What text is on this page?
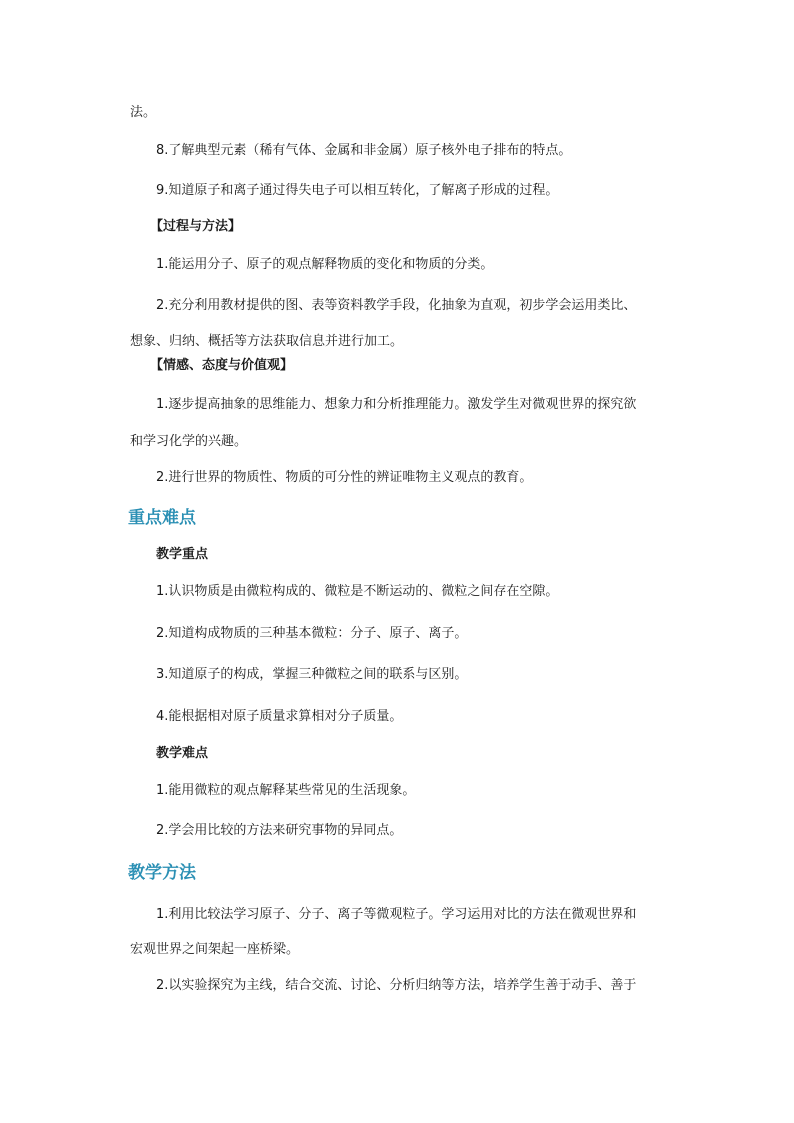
法。
8.了解典型元素（稀有气体、金属和非金属）原子核外电子排布的特点。
9.知道原子和离子通过得失电子可以相互转化，了解离子形成的过程。
【过程与方法】
1.能运用分子、原子的观点解释物质的变化和物质的分类。
2.充分利用教材提供的图、表等资料教学手段，化抽象为直观，初步学会运用类比、
想象、归纳、概括等方法获取信息并进行加工。
【情感、态度与价值观】
1.逐步提高抽象的思维能力、想象力和分析推理能力。激发学生对微观世界的探究欲
和学习化学的兴趣。
2.进行世界的物质性、物质的可分性的辨证唯物主义观点的教育。
重点难点
教学重点
1.认识物质是由微粒构成的、微粒是不断运动的、微粒之间存在空隙。
2.知道构成物质的三种基本微粒：分子、原子、离子。
3.知道原子的构成，掌握三种微粒之间的联系与区别。
4.能根据相对原子质量求算相对分子质量。
教学难点
1.能用微粒的观点解释某些常见的生活现象。
2.学会用比较的方法来研究事物的异同点。
教学方法
1.利用比较法学习原子、分子、离子等微观粒子。学习运用对比的方法在微观世界和
宏观世界之间架起一座桥梁。
2.以实验探究为主线，结合交流、讨论、分析归纳等方法，培养学生善于动手、善于
